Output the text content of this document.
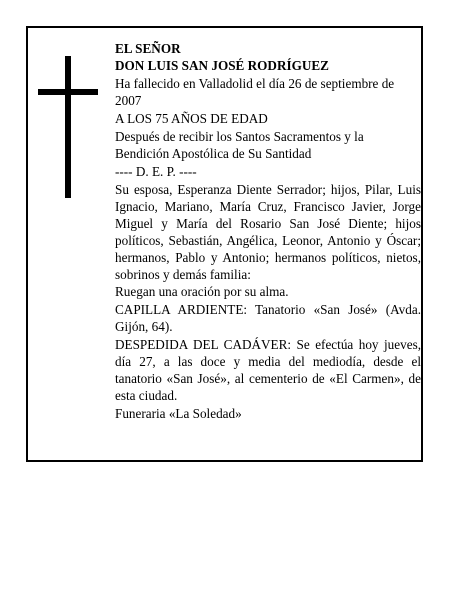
EL SEÑOR

DON LUIS SAN JOSÉ RODRÍGUEZ

Ha fallecido en Valladolid el día 26 de septiembre de 2007

A LOS 75 AÑOS DE EDAD

Después de recibir los Santos Sacramentos y la Bendición Apostólica de Su Santidad

---- D. E. P. ----

Su esposa, Esperanza Diente Serrador; hijos, Pilar, Luis Ignacio, Mariano, María Cruz, Francisco Javier, Jorge Miguel y María del Rosario San José Diente; hijos políticos, Sebastián, Angélica, Leonor, Antonio y Óscar; hermanos, Pablo y Antonio; hermanos políticos, nietos, sobrinos y demás familia:

Ruegan una oración por su alma.

CAPILLA ARDIENTE: Tanatorio «San José» (Avda. Gijón, 64).

DESPEDIDA DEL CADÁVER: Se efectúa hoy jueves, día 27, a las doce y media del mediodía, desde el tanatorio «San José», al cementerio de «El Carmen», de esta ciudad.

Funeraria «La Soledad»
